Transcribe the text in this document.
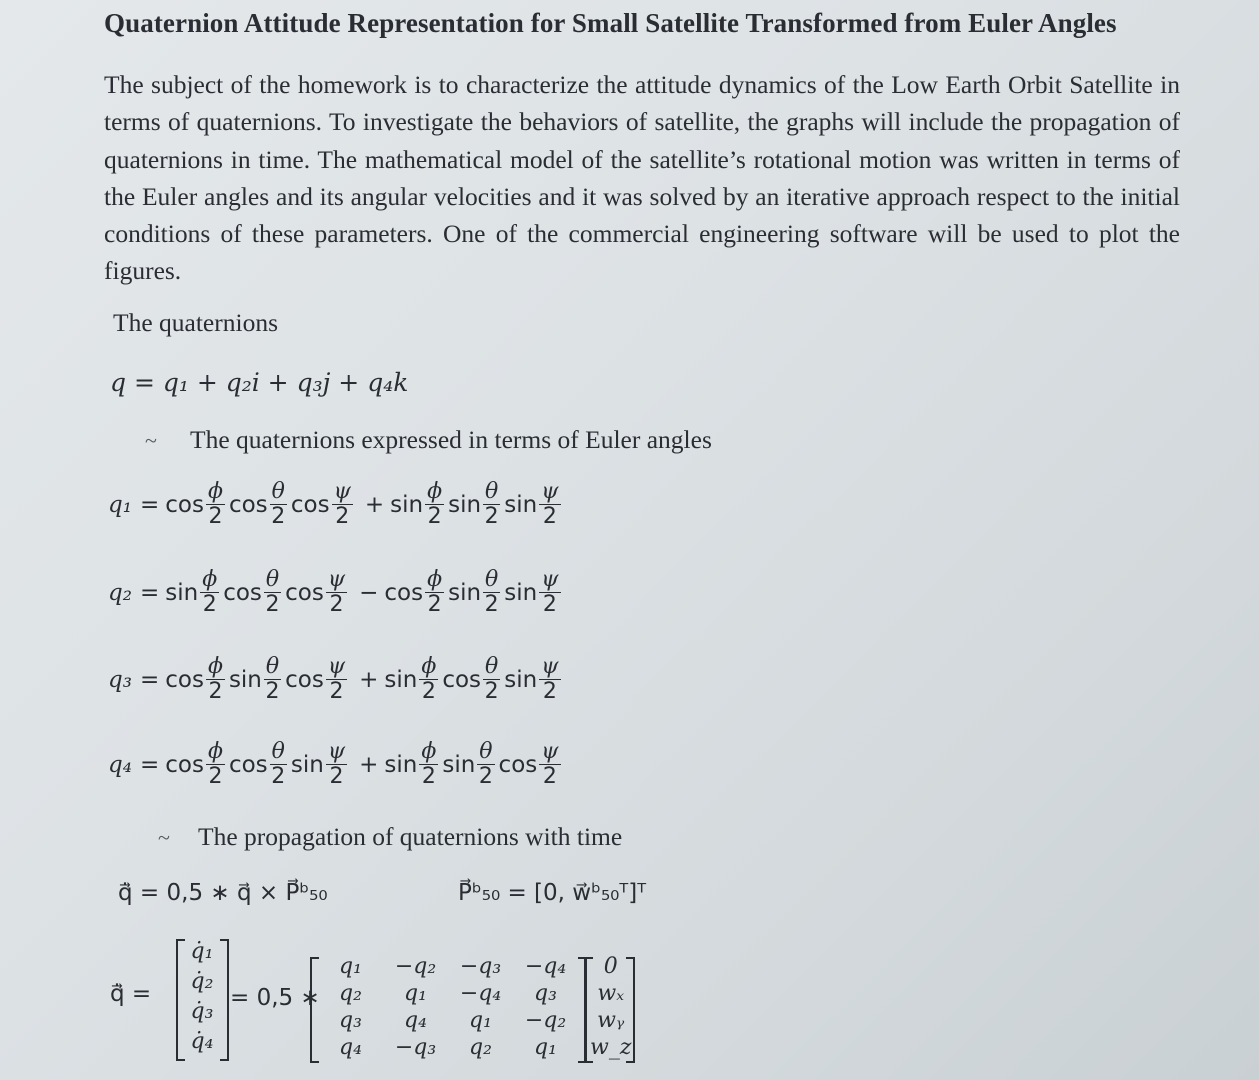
Quaternion Attitude Representation for Small Satellite Transformed from Euler Angles
The subject of the homework is to characterize the attitude dynamics of the Low Earth Orbit Satellite in terms of quaternions. To investigate the behaviors of satellite, the graphs will include the propagation of quaternions in time. The mathematical model of the satellite’s rotational motion was written in terms of the Euler angles and its angular velocities and it was solved by an iterative approach respect to the initial conditions of these parameters. One of the commercial engineering software will be used to plot the figures.
The quaternions
q = q₁ + q₂i + q₃j + q₄k
~ The quaternions expressed in terms of Euler angles
$q_1 = \cos \frac{\phi}{2}$ $\cos \frac{\theta}{2}$ $\cos \frac{\psi}{2} + \sin \frac{\phi}{2}$ $\sin \frac{\theta}{2}$ $\sin \frac{\psi}{2}$
$q_2 = \sin \frac{\phi}{2}$ $\cos \frac{\theta}{2}$ $\cos \frac{\psi}{2} - \cos \frac{\phi}{2}$ $\sin \frac{\theta}{2}$ $\sin \frac{\psi}{2}$
$q_3 = \cos \frac{\phi}{2}$ $\sin \frac{\theta}{2}$ $\cos \frac{\psi}{2} + \sin \frac{\phi}{2}$ $\cos \frac{\theta}{2}$ $\sin \frac{\psi}{2}$
$q_4 = \cos \frac{\phi}{2}$ $\cos \frac{\theta}{2}$ $\sin \frac{\psi}{2} + \sin \frac{\phi}{2}$ $\sin \frac{\theta}{2}$ $\cos \frac{\psi}{2}$
~ The propagation of quaternions with time
q̇⃗ = 0,5 ∗ q⃗ × P⃗ᵇ₅₀	P⃗ᵇ₅₀ = [0, w⃗ᵇ₅₀ᵀ]ᵀ
q̇⃗ =
q̇₁
q̇₂
q̇₃
q̇₄
= 0,5 ∗
q₁	−q₂	−q₃	−q₄
q₂	q₁	−q₄	q₃
q₃	q₄	q₁	−q₂
q₄	−q₃	q₂	q₁
0
wₓ
wᵧ
w_z
